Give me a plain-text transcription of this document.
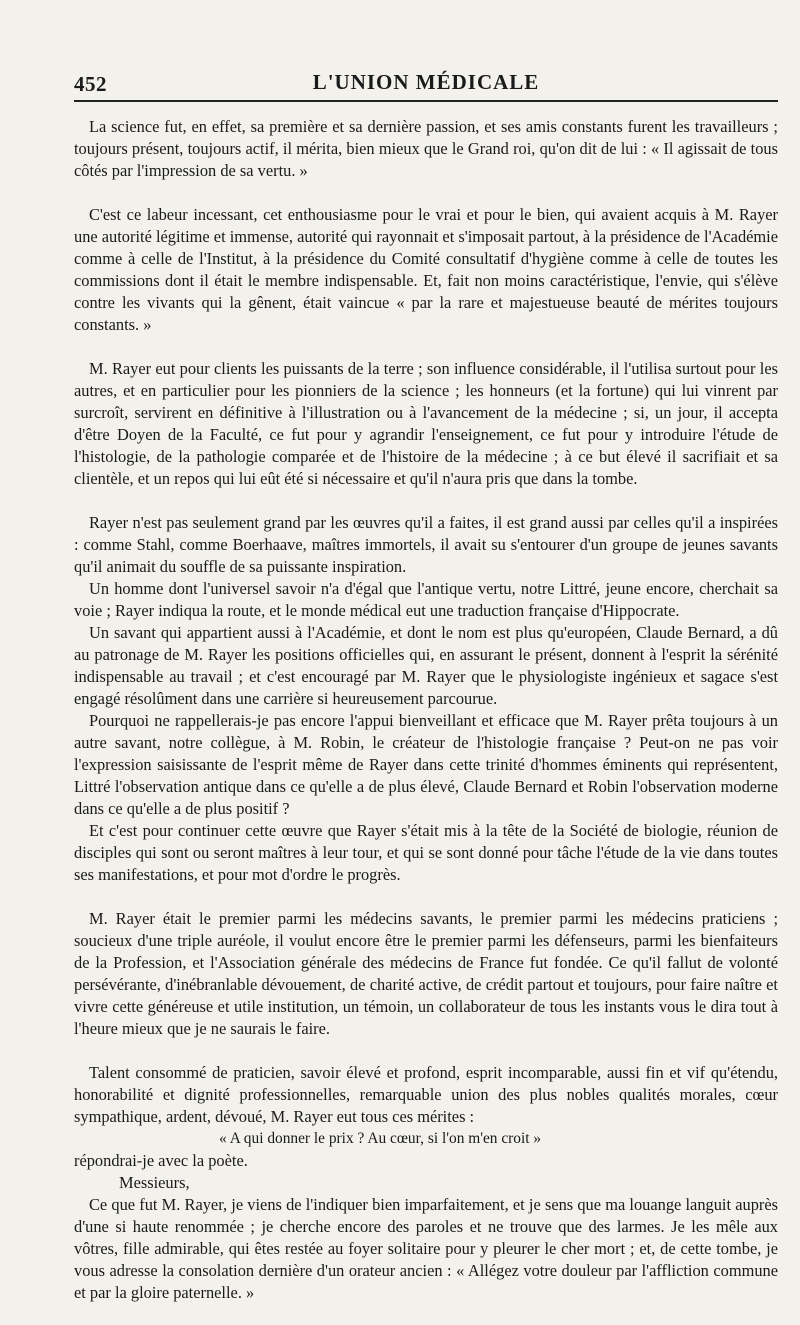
452	L'UNION MÉDICALE

La science fut, en effet, sa première et sa dernière passion, et ses amis constants furent les travailleurs ; toujours présent, toujours actif, il mérita, bien mieux que le Grand roi, qu'on dit de lui : « Il agissait de tous côtés par l'impression de sa vertu. »

C'est ce labeur incessant, cet enthousiasme pour le vrai et pour le bien, qui avaient acquis à M. Rayer une autorité légitime et immense, autorité qui rayonnait et s'imposait partout, à la présidence de l'Académie comme à celle de l'Institut, à la présidence du Comité consultatif d'hygiène comme à celle de toutes les commissions dont il était le membre indispensable. Et, fait non moins caractéristique, l'envie, qui s'élève contre les vivants qui la gênent, était vaincue « par la rare et majestueuse beauté de mérites toujours constants. »

M. Rayer eut pour clients les puissants de la terre ; son influence considérable, il l'utilisa surtout pour les autres, et en particulier pour les pionniers de la science ; les honneurs (et la fortune) qui lui vinrent par surcroît, servirent en définitive à l'illustration ou à l'avancement de la médecine ; si, un jour, il accepta d'être Doyen de la Faculté, ce fut pour y agrandir l'enseignement, ce fut pour y introduire l'étude de l'histologie, de la pathologie comparée et de l'histoire de la médecine ; à ce but élevé il sacrifiait et sa clientèle, et un repos qui lui eût été si nécessaire et qu'il n'aura pris que dans la tombe.

Rayer n'est pas seulement grand par les œuvres qu'il a faites, il est grand aussi par celles qu'il a inspirées : comme Stahl, comme Boerhaave, maîtres immortels, il avait su s'entourer d'un groupe de jeunes savants qu'il animait du souffle de sa puissante inspiration.

Un homme dont l'universel savoir n'a d'égal que l'antique vertu, notre Littré, jeune encore, cherchait sa voie ; Rayer indiqua la route, et le monde médical eut une traduction française d'Hippocrate.

Un savant qui appartient aussi à l'Académie, et dont le nom est plus qu'européen, Claude Bernard, a dû au patronage de M. Rayer les positions officielles qui, en assurant le présent, donnent à l'esprit la sérénité indispensable au travail ; et c'est encouragé par M. Rayer que le physiologiste ingénieux et sagace s'est engagé résolûment dans une carrière si heureusement parcourue.

Pourquoi ne rappellerais-je pas encore l'appui bienveillant et efficace que M. Rayer prêta toujours à un autre savant, notre collègue, à M. Robin, le créateur de l'histologie française ? Peut-on ne pas voir l'expression saisissante de l'esprit même de Rayer dans cette trinité d'hommes éminents qui représentent, Littré l'observation antique dans ce qu'elle a de plus élevé, Claude Bernard et Robin l'observation moderne dans ce qu'elle a de plus positif ?

Et c'est pour continuer cette œuvre que Rayer s'était mis à la tête de la Société de biologie, réunion de disciples qui sont ou seront maîtres à leur tour, et qui se sont donné pour tâche l'étude de la vie dans toutes ses manifestations, et pour mot d'ordre le progrès.

M. Rayer était le premier parmi les médecins savants, le premier parmi les médecins praticiens ; soucieux d'une triple auréole, il voulut encore être le premier parmi les défenseurs, parmi les bienfaiteurs de la Profession, et l'Association générale des médecins de France fut fondée. Ce qu'il fallut de volonté persévérante, d'inébranlable dévouement, de charité active, de crédit partout et toujours, pour faire naître et vivre cette généreuse et utile institution, un témoin, un collaborateur de tous les instants vous le dira tout à l'heure mieux que je ne saurais le faire.

Talent consommé de praticien, savoir élevé et profond, esprit incomparable, aussi fin et vif qu'étendu, honorabilité et dignité professionnelles, remarquable union des plus nobles qualités morales, cœur sympathique, ardent, dévoué, M. Rayer eut tous ces mérites :

« A qui donner le prix ? Au cœur, si l'on m'en croit »

répondrai-je avec la poète.

Messieurs,

Ce que fut M. Rayer, je viens de l'indiquer bien imparfaitement, et je sens que ma louange languit auprès d'une si haute renommée ; je cherche encore des paroles et ne trouve que des larmes. Je les mêle aux vôtres, fille admirable, qui êtes restée au foyer solitaire pour y pleurer le cher mort ; et, de cette tombe, je vous adresse la consolation dernière d'un orateur ancien : « Allégez votre douleur par l'affliction commune et par la gloire paternelle. »
